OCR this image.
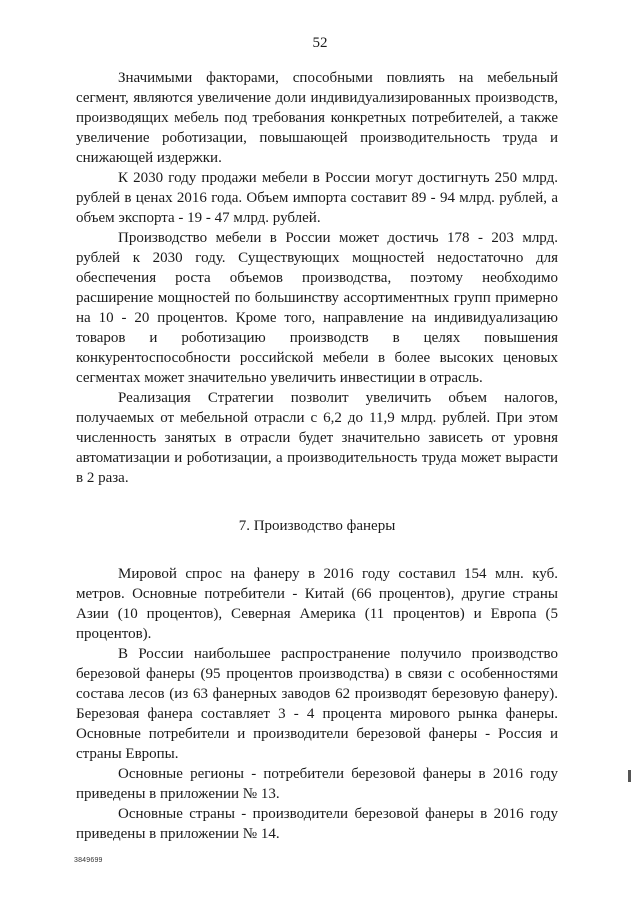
52

Значимыми факторами, способными повлиять на мебельный сегмент, являются увеличение доли индивидуализированных производств, производящих мебель под требования конкретных потребителей, а также увеличение роботизации, повышающей производительность труда и снижающей издержки.

К 2030 году продажи мебели в России могут достигнуть 250 млрд. рублей в ценах 2016 года. Объем импорта составит 89 - 94 млрд. рублей, а объем экспорта - 19 - 47 млрд. рублей.

Производство мебели в России может достичь 178 - 203 млрд. рублей к 2030 году. Существующих мощностей недостаточно для обеспечения роста объемов производства, поэтому необходимо расширение мощностей по большинству ассортиментных групп примерно на 10 - 20 процентов. Кроме того, направление на индивидуализацию товаров и роботизацию производств в целях повышения конкурентоспособности российской мебели в более высоких ценовых сегментах может значительно увеличить инвестиции в отрасль.

Реализация Стратегии позволит увеличить объем налогов, получаемых от мебельной отрасли с 6,2 до 11,9 млрд. рублей. При этом численность занятых в отрасли будет значительно зависеть от уровня автоматизации и роботизации, а производительность труда может вырасти в 2 раза.

7. Производство фанеры

Мировой спрос на фанеру в 2016 году составил 154 млн. куб. метров. Основные потребители - Китай (66 процентов), другие страны Азии (10 процентов), Северная Америка (11 процентов) и Европа (5 процентов).

В России наибольшее распространение получило производство березовой фанеры (95 процентов производства) в связи с особенностями состава лесов (из 63 фанерных заводов 62 производят березовую фанеру). Березовая фанера составляет 3 - 4 процента мирового рынка фанеры. Основные потребители и производители березовой фанеры - Россия и страны Европы.

Основные регионы - потребители березовой фанеры в 2016 году приведены в приложении № 13.

Основные страны - производители березовой фанеры в 2016 году приведены в приложении № 14.

3849699
